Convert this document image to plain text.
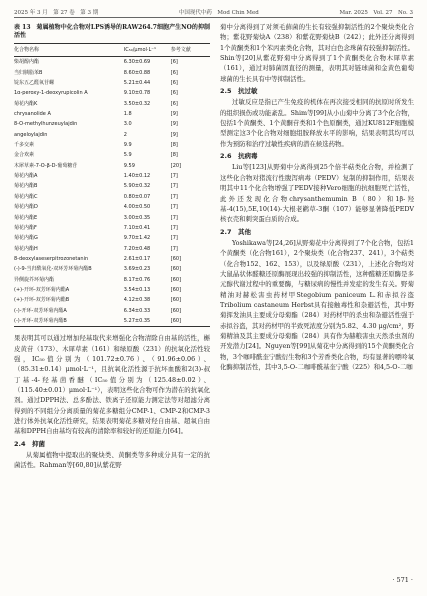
2025 年 3 月　第 27 卷　第 3 期	中国现代中药　Mod Chin Med	Mar. 2025　Vol. 27　No. 3
表 13 菊属植物中化合物对LPS诱导的RAW264.7细胞产生NO的抑制活性
化合物名称	IC₅₀/μmol·L⁻¹	参考文献
柴胡醇内酯	6.30±0.69	[6]
当归胰脂苯B	8.60±0.88	[6]
锭东五乙醛氧苷螺	5.21±0.44	[6]
1α-peroxy-1-deoxyrupicolin A	9.10±0.78	[6]
菊花内酯K	3.50±0.32	[6]
chrysanolide A	1.8	[9]
8-O-methylhunzeuylajdin	3.0	[9]
angeloylajdin	2	[9]
千多交素	9.9	[8]
金合欢素	5.9	[8]
木犀草素-7-O-β-D-葡萄糖苷	9.59	[20]
菊花内酯A	1.40±0.12	[7]
菊花内酯B	5.90±0.32	[7]
菊花内酯C	0.80±0.07	[7]
菊花内酯D	4.00±0.50	[7]
菊花内酯E	3.00±0.35	[7]
菊花内酯F	7.10±0.41	[7]
菊花内酯G	9.70±1.42	[7]
菊花内酯H	7.20±0.48	[7]
8-deoxylaseserpitrozonetanin	2.61±0.17	[60]
(-)-9-当归酰氧化-双环芳环菊内酯B	3.69±0.23	[60]
异侧旋芥环菊内酯	8.17±0.76	[60]
(+)-开环-双芳环菊内酯A	3.54±0.13	[60]
(+)-开环-双芳环菊内酯B	4.12±0.38	[60]
(-)-开环-双芳环菊内酯A	6.34±0.33	[60]
(-)-开环-双芳环菊内酯B	5.27±0.35	[60]

果表明其可以通过增加羟基取代来增强化合物清除自由基的活性，槲皮黄苷（173）、木犀草素（161）和绿原酸（231）的抗氧化活性较强，IC₅₀值分别为（101.72±0.76）、（91.96±0.06）、（85.31±0.14）μmol·L⁻¹，且抗氧化活性源于抗坏血酸和2(3)-叔丁基-4-羟基茴香醚（IC₅₀值分别为（125.48±0.02）、（115.40±0.01）μmol·L⁻¹），表明这些化合物可作为潜在的抗氧化剂。通过DPPH法、总多酚法、铁离子还原能力测定法等对超滤分离得到的不同组分分离质量的菊花多糖组分CMP-1、CMP-2和CMP-3进行体外抗氧化活性研究，结果表明菊花多糖对羟自由基、超氧自由基和DPPH自由基均有较高的清除率和较好的还原能力[64]。

2.4　抑菌

从菊属植物中提取出的聚炔类、黄酮类等多种成分具有一定的抗菌活性。Rahman等[60,80]从紫花野

菊中分离得到了对须毛藓菌的生长有较强抑制活性的2个聚炔类化合物；紫花野菊炔A（238）和紫花野菊炔B（242）；此外还分离得到1个黄酮类和1个苯丙素类化合物，其对白色念珠菌有较强抑制活性。Shin等[20]从紫花野菊中分离得到了1个黄酮类化合物木犀草素（161），通过对肺菌固直径的测量，表明其对链球菌和金黄色葡萄球菌的生长具有中等抑制活性。

2.5　抗过敏

过敏反应是指已产生免疫的机体在再次接受相同的抗原时所发生的组织损伤或功能紊乱。Shim等[99]从小山菊中分离了3个化合物，包括1个黄酮类、1个黄酮苷类和1个色原酮类，通过KU812F细胞模型测定这3个化合物对细胞组胺释放水平的影响，结果表明其均可以作为预防和治疗过敏性疾病的潜在候选药物。

2.6　抗病毒

Liu等[123]从野菊中分离得到25个倍半萜类化合物，并检测了这些化合物对猪流行性腹泻病毒（PEDV）复制的抑制作用，结果表明其中11个化合物增强了PEDV接种Vero细胞的抗细胞死亡活性，此外还发现化合物chrysanthemumin B（80）和1β-羟基-4(15),5E,10(14)-大根老鹳草-3酮（107）能够显著降低PEDV核衣壳和刺突蛋白质的合成。

2.7　其他

Yoshikawa等[24,26]从野菊花中分离得到了7个化合物，包括1个黄酮类（化合物161），2个聚炔类（化合物237、241），3个萜类（化合物152、162、153），以及绿原酸（231），上述化合物均对大鼠晶状体醛糖还原酶展现出较强的抑制活性，这种醛糖还原酶是多元醇代谢过程中的重要酶，与糖尿病的慢性并发症的发生有关。野菊精油对赫松害虫药材甲Stegobium paniceum L.和赤拟谷盗Tribolium castaneum Herbst具有接触毒性和杂避活性，其中野菊挥发油具主要成分母菊酯（284）对药材甲的杀虫和杂避活性强于赤拟谷盗，其对药材甲的半致死浓度分别为5.82、4.30 μg/cm²，野菊精油及其主要成分母菊酯（284）具有作为赫粮害虫天然杀虫剂的开发潜力[24]。Nguyen等[99]从菊花中分离得到的15个黄酮类化合物，3个咖啡酰奎宁酸衍生物和3个芳香类化合物，均有显著的嘌呤氧化酶抑制活性，其中3,5-O-二咖啡酰基奎宁酸（225）和4,5-O-二咖

· 571 ·
